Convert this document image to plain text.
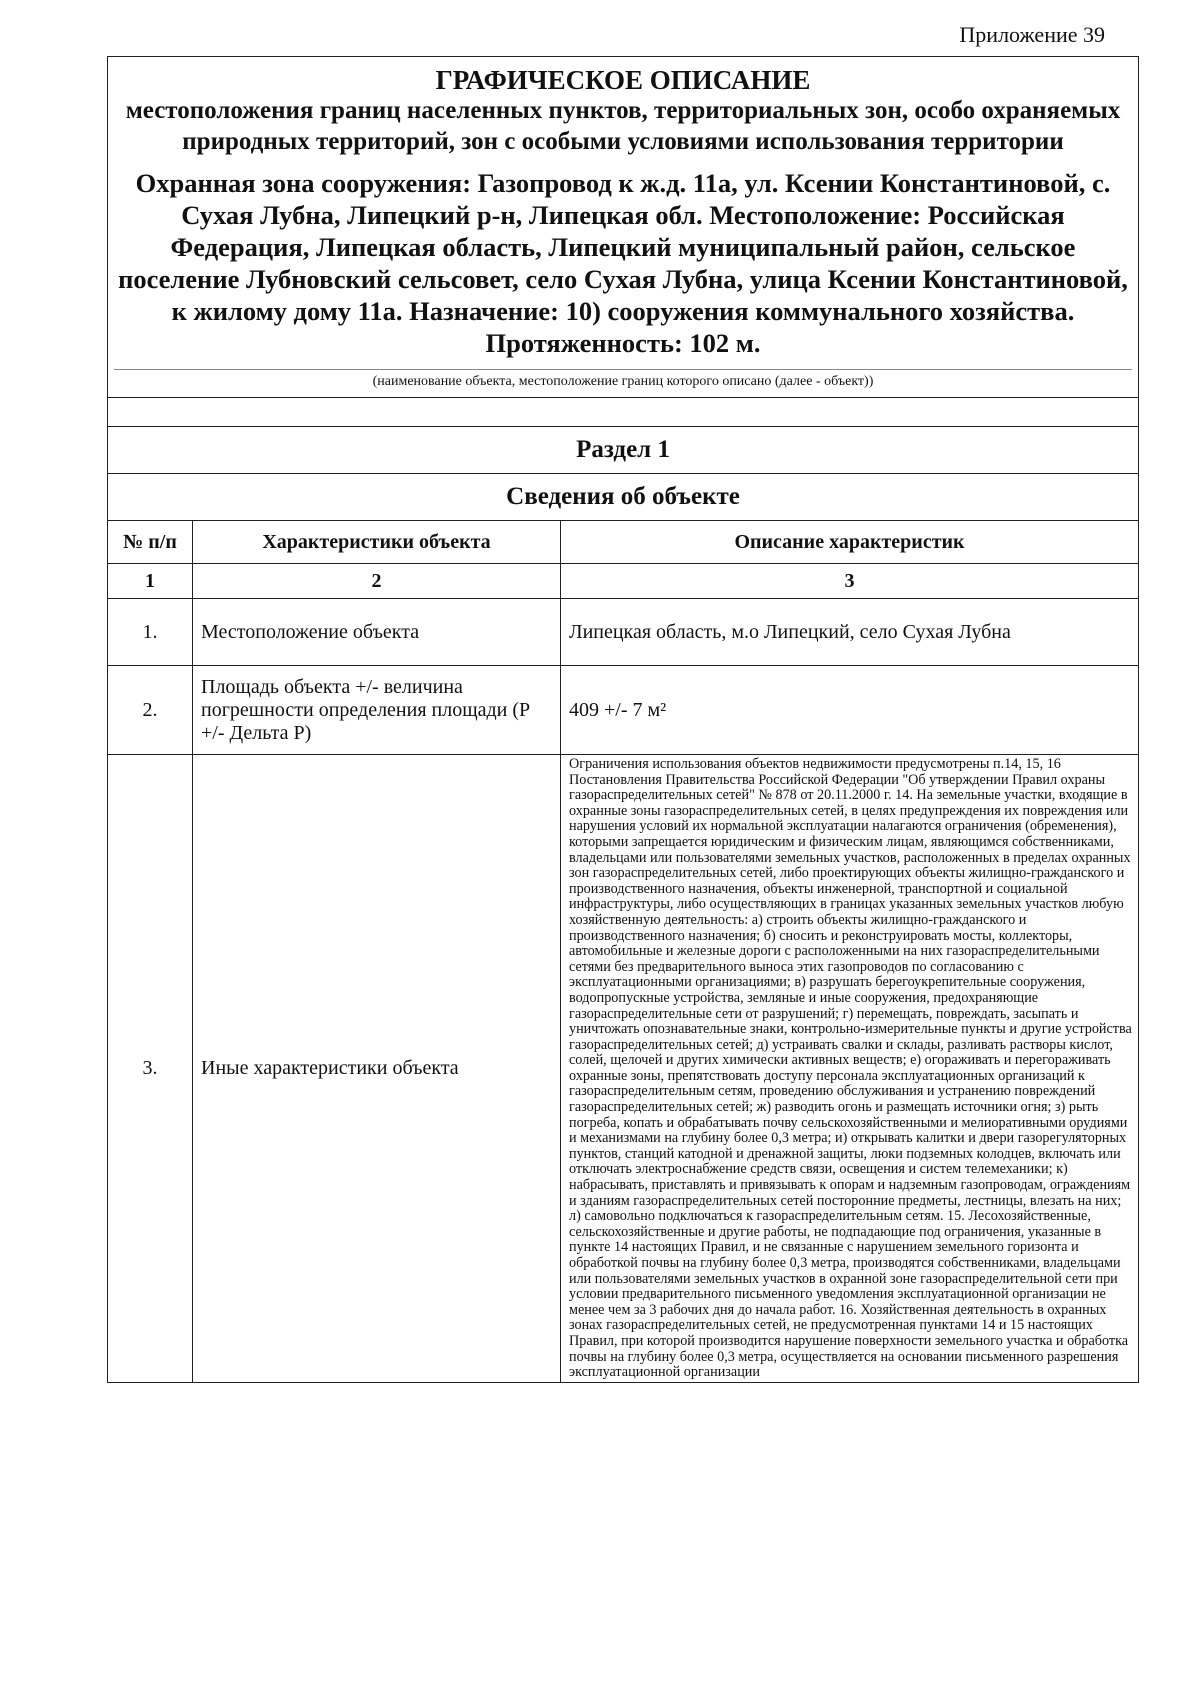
Приложение 39
ГРАФИЧЕСКОЕ ОПИСАНИЕ
местоположения границ населенных пунктов, территориальных зон, особо охраняемых природных территорий, зон с особыми условиями использования территории
Охранная зона сооружения: Газопровод к ж.д. 11а, ул. Ксении Константиновой, с. Сухая Лубна, Липецкий р-н, Липецкая обл. Местоположение: Российская Федерация, Липецкая область, Липецкий муниципальный район, сельское поселение Лубновский сельсовет, село Сухая Лубна, улица Ксении Константиновой, к жилому дому 11а. Назначение: 10) сооружения коммунального хозяйства. Протяженность: 102 м.
(наименование объекта, местоположение границ которого описано (далее - объект))		

Раздел 1		
Сведения об объекте		
№ п/п	Характеристики объекта	Описание характеристик
1	2	3
1.	Местоположение объекта	Липецкая область, м.о Липецкий, село Сухая Лубна
2.	Площадь объекта +/- величина погрешности определения площади (P +/- Дельта P)	409 +/- 7 м²
3.	Иные характеристики объекта	Ограничения использования объектов недвижимости предусмотрены п.14, 15, 16 Постановления Правительства Российской Федерации "Об утверждении Правил охраны газораспределительных сетей" № 878 от 20.11.2000 г. 14. На земельные участки, входящие в охранные зоны газораспределительных сетей, в целях предупреждения их повреждения или нарушения условий их нормальной эксплуатации налагаются ограничения (обременения), которыми запрещается юридическим и физическим лицам, являющимся собственниками, владельцами или пользователями земельных участков, расположенных в пределах охранных зон газораспределительных сетей, либо проектирующих объекты жилищно-гражданского и производственного назначения, объекты инженерной, транспортной и социальной инфраструктуры, либо осуществляющих в границах указанных земельных участков любую хозяйственную деятельность: а) строить объекты жилищно-гражданского и производственного назначения; б) сносить и реконструировать мосты, коллекторы, автомобильные и железные дороги с расположенными на них газораспределительными сетями без предварительного выноса этих газопроводов по согласованию с эксплуатационными организациями; в) разрушать берегоукрепительные сооружения, водопропускные устройства, земляные и иные сооружения, предохраняющие газораспределительные сети от разрушений; г) перемещать, повреждать, засыпать и уничтожать опознавательные знаки, контрольно-измерительные пункты и другие устройства газораспределительных сетей; д) устраивать свалки и склады, разливать растворы кислот, солей, щелочей и других химически активных веществ; е) огораживать и перегораживать охранные зоны, препятствовать доступу персонала эксплуатационных организаций к газораспределительным сетям, проведению обслуживания и устранению повреждений газораспределительных сетей; ж) разводить огонь и размещать источники огня; з) рыть погреба, копать и обрабатывать почву сельскохозяйственными и мелиоративными орудиями и механизмами на глубину более 0,3 метра; и) открывать калитки и двери газорегуляторных пунктов, станций катодной и дренажной защиты, люки подземных колодцев, включать или отключать электроснабжение средств связи, освещения и систем телемеханики; к) набрасывать, приставлять и привязывать к опорам и надземным газопроводам, ограждениям и зданиям газораспределительных сетей посторонние предметы, лестницы, влезать на них; л) самовольно подключаться к газораспределительным сетям. 15. Лесохозяйственные, сельскохозяйственные и другие работы, не подпадающие под ограничения, указанные в пункте 14 настоящих Правил, и не связанные с нарушением земельного горизонта и обработкой почвы на глубину более 0,3 метра, производятся собственниками, владельцами или пользователями земельных участков в охранной зоне газораспределительной сети при условии предварительного письменного уведомления эксплуатационной организации не менее чем за 3 рабочих дня до начала работ. 16. Хозяйственная деятельность в охранных зонах газораспределительных сетей, не предусмотренная пунктами 14 и 15 настоящих Правил, при которой производится нарушение поверхности земельного участка и обработка почвы на глубину более 0,3 метра, осуществляется на основании письменного разрешения эксплуатационной организации
